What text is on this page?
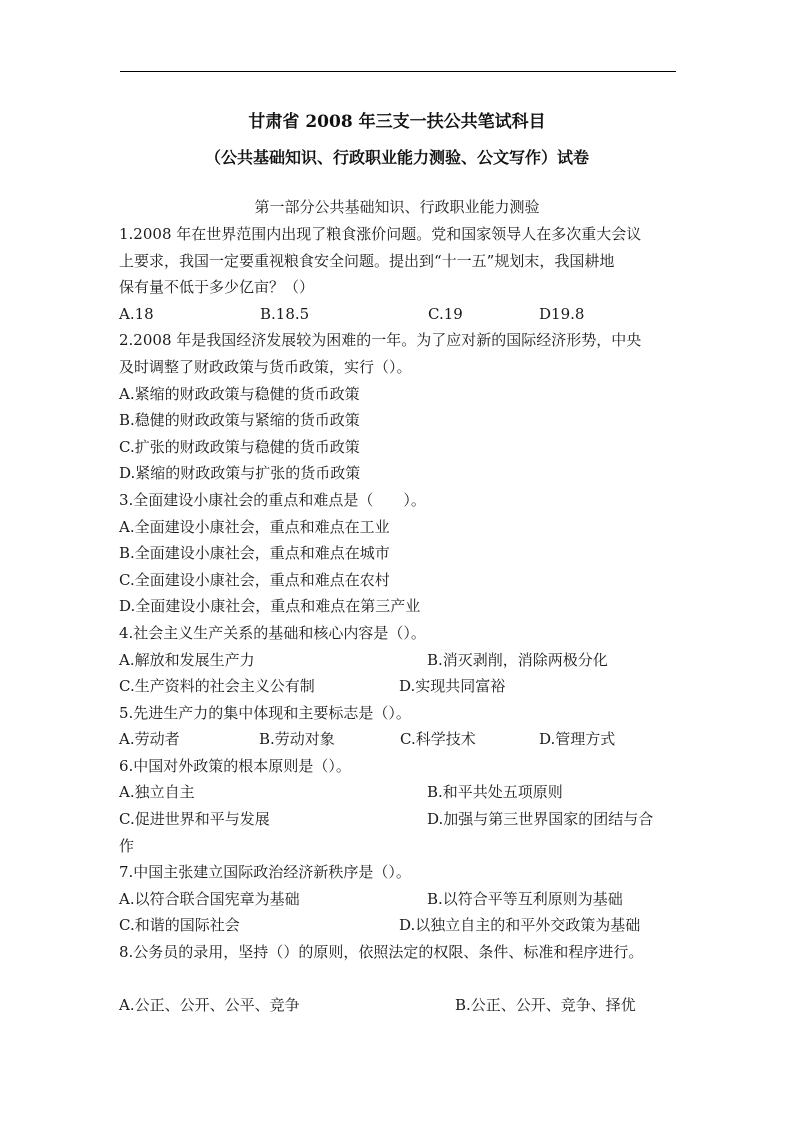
甘肃省 2008 年三支一扶公共笔试科目
（公共基础知识、行政职业能力测验、公文写作）试卷
第一部分公共基础知识、行政职业能力测验
1.2008 年在世界范围内出现了粮食涨价问题。党和国家领导人在多次重大会议
上要求，我国一定要重视粮食安全问题。提出到“十一五”规划末，我国耕地
保有量不低于多少亿亩？（）
A.18	B.18.5	C.19	D19.8
2.2008 年是我国经济发展较为困难的一年。为了应对新的国际经济形势，中央
及时调整了财政政策与货币政策，实行（）。
A.紧缩的财政政策与稳健的货币政策
B.稳健的财政政策与紧缩的货币政策
C.扩张的财政政策与稳健的货币政策
D.紧缩的财政政策与扩张的货币政策
3.全面建设小康社会的重点和难点是（　　）。
A.全面建设小康社会，重点和难点在工业
B.全面建设小康社会，重点和难点在城市
C.全面建设小康社会，重点和难点在农村
D.全面建设小康社会，重点和难点在第三产业
4.社会主义生产关系的基础和核心内容是（）。
A.解放和发展生产力	B.消灭剥削，消除两极分化
C.生产资料的社会主义公有制	D.实现共同富裕
5.先进生产力的集中体现和主要标志是（）。
A.劳动者	B.劳动对象	C.科学技术	D.管理方式
6.中国对外政策的根本原则是（）。
A.独立自主	B.和平共处五项原则
C.促进世界和平与发展	D.加强与第三世界国家的团结与合
作
7.中国主张建立国际政治经济新秩序是（）。
A.以符合联合国宪章为基础	B.以符合平等互利原则为基础
C.和谐的国际社会	D.以独立自主的和平外交政策为基础
8.公务员的录用，坚持（）的原则，依照法定的权限、条件、标准和程序进行。
A.公正、公开、公平、竞争	B.公正、公开、竞争、择优
